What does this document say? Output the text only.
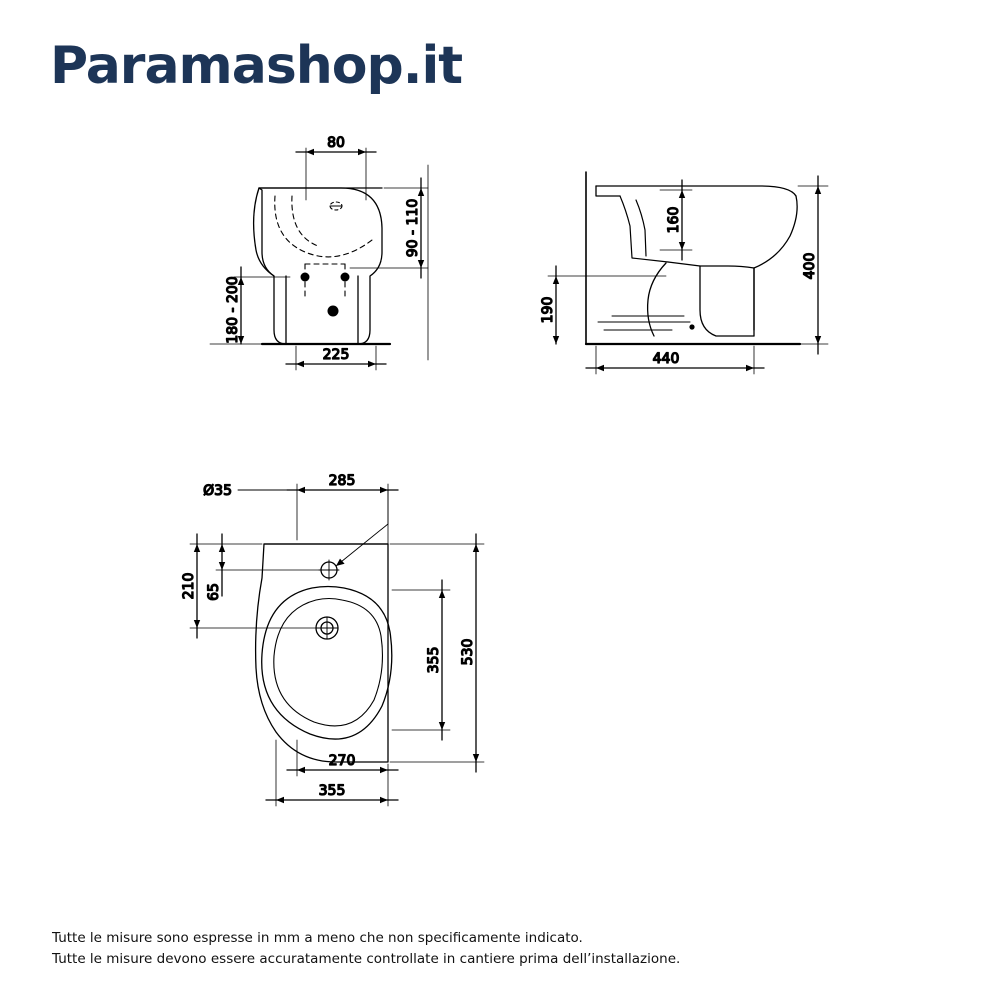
Paramashop.it
80
90 - 110
180 - 200
225
160
190
400
440
Ø35
285
210 65
355 530
270
355
Tutte le misure sono espresse in mm a meno che non specificamente indicato.
Tutte le misure devono essere accuratamente controllate in cantiere prima dell’installazione.
